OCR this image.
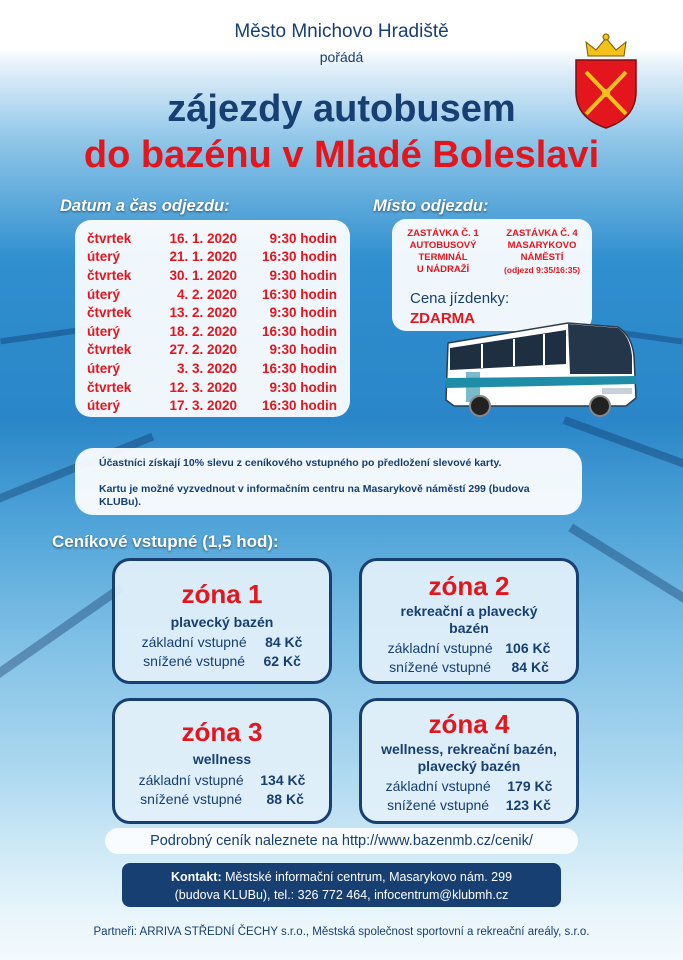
Město Mnichovo Hradiště
pořádá
zájezdy autobusem
do bazénu v Mladé Boleslavi
Datum a čas odjezdu:	Místo odjezdu:
čtvrtek	16. 1. 2020	9:30 hodin
úterý	21. 1. 2020	16:30 hodin
čtvrtek	30. 1. 2020	9:30 hodin
úterý	4. 2. 2020	16:30 hodin
čtvrtek	13. 2. 2020	9:30 hodin
úterý	18. 2. 2020	16:30 hodin
čtvrtek	27. 2. 2020	9:30 hodin
úterý	3. 3. 2020	16:30 hodin
čtvrtek	12. 3. 2020	9:30 hodin
úterý	17. 3. 2020	16:30 hodin
ZASTÁVKA Č. 1
AUTOBUSOVÝ
TERMINÁL
U NÁDRAŽÍ
ZASTÁVKA Č. 4
MASARYKOVO
NÁMĚSTÍ
(odjezd 9:35/16:35)
Cena jízdenky:
ZDARMA
ARRIVA
Účastníci získají 10% slevu z ceníkového vstupného po předložení slevové karty.
Kartu je možné vyzvednout v informačním centru na Masarykově náměstí 299 (budova KLUBu).
Ceníkové vstupné (1,5 hod):
zóna 1
plavecký bazén
základní vstupné 84 Kč
snížené vstupné 62 Kč
zóna 2
rekreační a plavecký bazén
základní vstupné 106 Kč
snížené vstupné 84 Kč
zóna 3
wellness
základní vstupné 134 Kč
snížené vstupné 88 Kč
zóna 4
wellness, rekreační bazén, plavecký bazén
základní vstupné 179 Kč
snížené vstupné 123 Kč
Podrobný ceník naleznete na http://www.bazenmb.cz/cenik/
Kontakt: Městské informační centrum, Masarykovo nám. 299
(budova KLUBu), tel.: 326 772 464, infocentrum@klubmh.cz
Partneři: ARRIVA STŘEDNÍ ČECHY s.r.o., Městská společnost sportovní a rekreační areály, s.r.o.
